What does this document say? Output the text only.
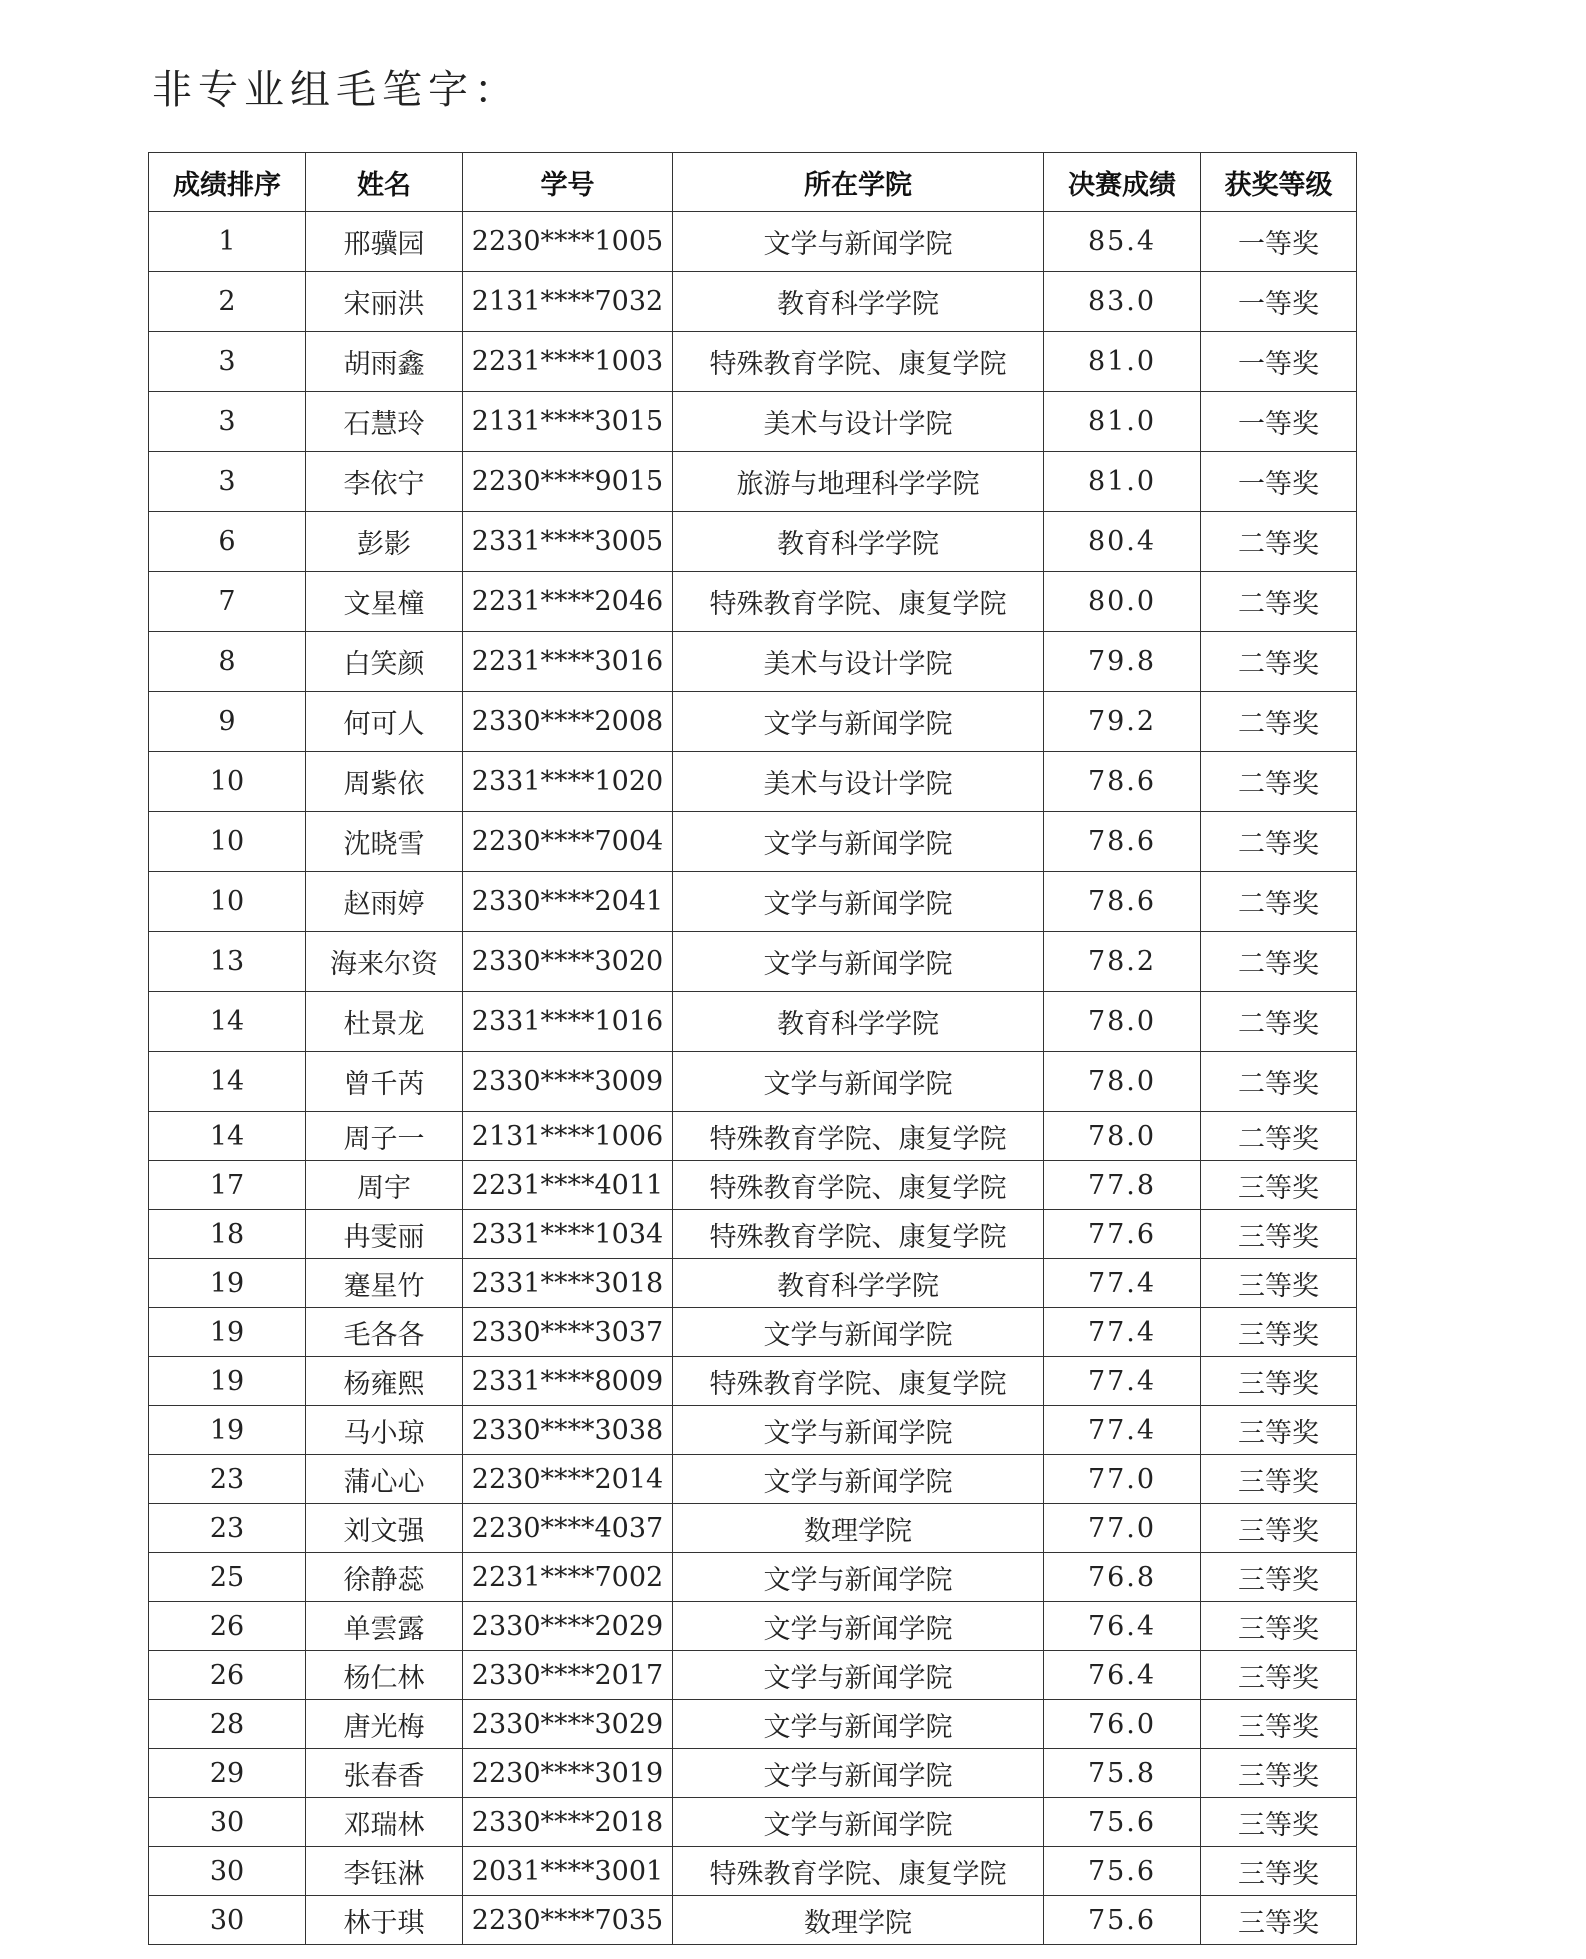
非专业组毛笔字：
成绩排序	姓名	学号	所在学院	决赛成绩	获奖等级
1	邢骥园	2230****1005	文学与新闻学院	85.4	一等奖
2	宋丽洪	2131****7032	教育科学学院	83.0	一等奖
3	胡雨鑫	2231****1003	特殊教育学院、康复学院	81.0	一等奖
3	石慧玲	2131****3015	美术与设计学院	81.0	一等奖
3	李依宁	2230****9015	旅游与地理科学学院	81.0	一等奖
6	彭影	2331****3005	教育科学学院	80.4	二等奖
7	文星橦	2231****2046	特殊教育学院、康复学院	80.0	二等奖
8	白笑颜	2231****3016	美术与设计学院	79.8	二等奖
9	何可人	2330****2008	文学与新闻学院	79.2	二等奖
10	周紫依	2331****1020	美术与设计学院	78.6	二等奖
10	沈晓雪	2230****7004	文学与新闻学院	78.6	二等奖
10	赵雨婷	2330****2041	文学与新闻学院	78.6	二等奖
13	海来尔资	2330****3020	文学与新闻学院	78.2	二等奖
14	杜景龙	2331****1016	教育科学学院	78.0	二等奖
14	曾千芮	2330****3009	文学与新闻学院	78.0	二等奖
14	周子一	2131****1006	特殊教育学院、康复学院	78.0	二等奖
17	周宇	2231****4011	特殊教育学院、康复学院	77.8	三等奖
18	冉雯丽	2331****1034	特殊教育学院、康复学院	77.6	三等奖
19	蹇星竹	2331****3018	教育科学学院	77.4	三等奖
19	毛各各	2330****3037	文学与新闻学院	77.4	三等奖
19	杨雍熙	2331****8009	特殊教育学院、康复学院	77.4	三等奖
19	马小琼	2330****3038	文学与新闻学院	77.4	三等奖
23	蒲心心	2230****2014	文学与新闻学院	77.0	三等奖
23	刘文强	2230****4037	数理学院	77.0	三等奖
25	徐静蕊	2231****7002	文学与新闻学院	76.8	三等奖
26	单雲露	2330****2029	文学与新闻学院	76.4	三等奖
26	杨仁林	2330****2017	文学与新闻学院	76.4	三等奖
28	唐光梅	2330****3029	文学与新闻学院	76.0	三等奖
29	张春香	2230****3019	文学与新闻学院	75.8	三等奖
30	邓瑞林	2330****2018	文学与新闻学院	75.6	三等奖
30	李钰淋	2031****3001	特殊教育学院、康复学院	75.6	三等奖
30	林于琪	2230****7035	数理学院	75.6	三等奖
